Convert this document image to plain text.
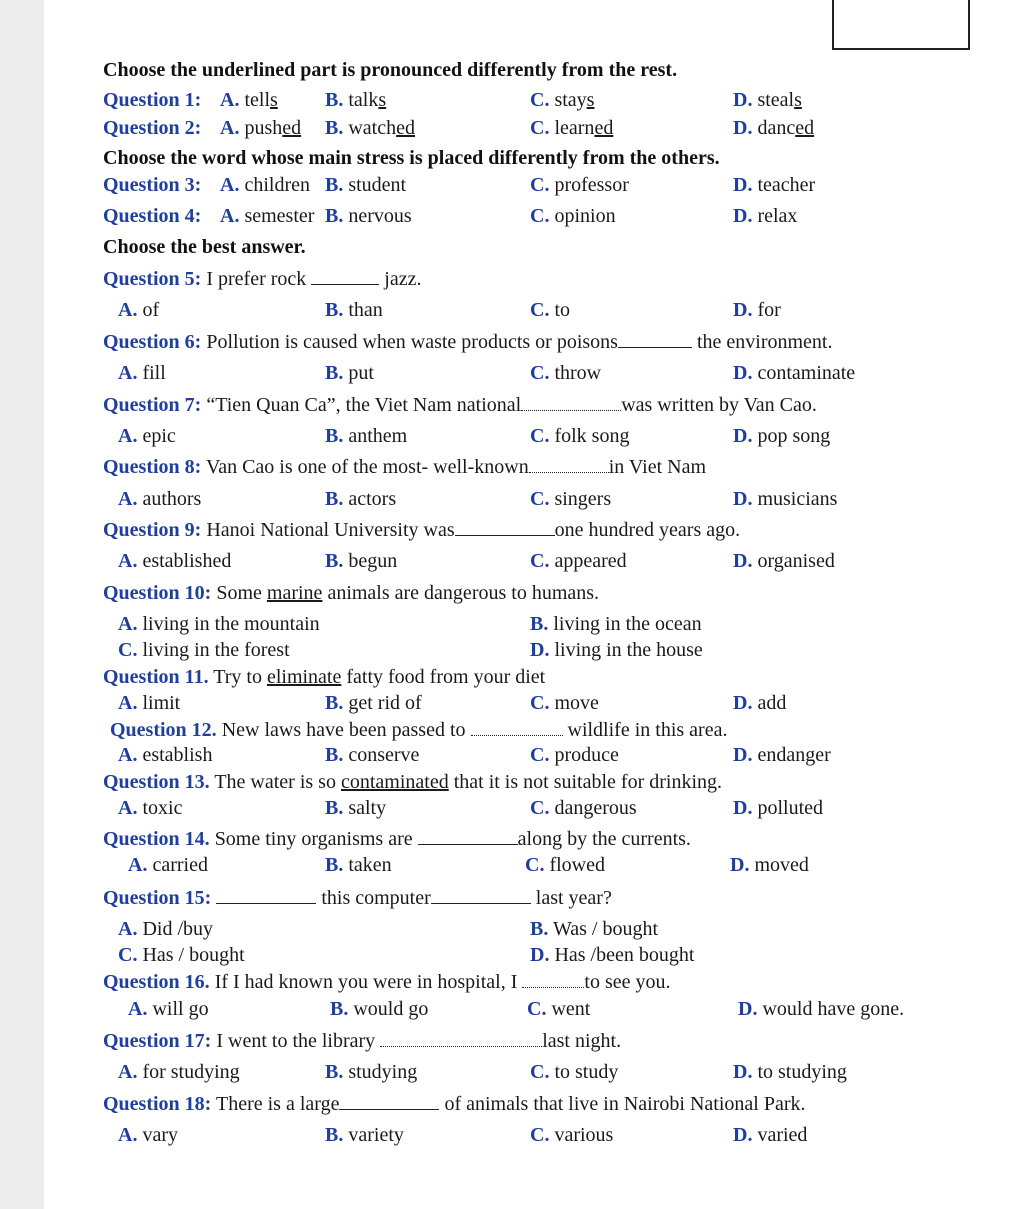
Choose the underlined part is pronounced differently from the rest.
Question 1: A. tells B. talks	C. stays	D. steals
Question 2: A. pushed B. watched	C. learned	D. danced
Choose the word whose main stress is placed differently from the others.
Question 3: A. children B. student	C. professor	D. teacher
Question 4: A. semester B. nervous	C. opinion	D. relax
Choose the best answer.
Question 5: I prefer rock	jazz.
A. of	B. than	C. to	D. for
Question 6: Pollution is caused when waste products or poisons	the environment.
A. fill	B. put	C. throw	D. contaminate
Question 7: “Tien Quan Ca”, the Viet Nam national	was written by Van Cao.
A. epic	B. anthem	C. folk song	D. pop song
Question 8: Van Cao is one of the most- well-known	in Viet Nam
A. authors	B. actors	C. singers	D. musicians
Question 9: Hanoi National University was	one hundred years ago.
A. established	B. begun	C. appeared	D. organised
Question 10: Some marine animals are dangerous to humans.
A. living in the mountain	B. living in the ocean
C. living in the forest	D. living in the house
Question 11. Try to eliminate fatty food from your diet
A. limit	B. get rid of	C. move	D. add
Question 12. New laws have been passed to	wildlife in this area.
A. establish	B. conserve	C. produce	D. endanger
Question 13. The water is so contaminated that it is not suitable for drinking.
A. toxic	B. salty	C. dangerous	D. polluted
Question 14. Some tiny organisms are	along by the currents.
A. carried	B. taken	C. flowed	D. moved
Question 15:	this computer	last year?
A. Did /buy	B. Was / bought
C. Has / bought	D. Has /been bought
Question 16. If I had known you were in hospital, I	to see you.
A. will go	B. would go	C. went	D. would have gone.
Question 17: I went to the library	last night.
A. for studying	B. studying	C. to study	D. to studying
Question 18: There is a large	of animals that live in Nairobi National Park.
A. vary	B. variety	C. various	D. varied
